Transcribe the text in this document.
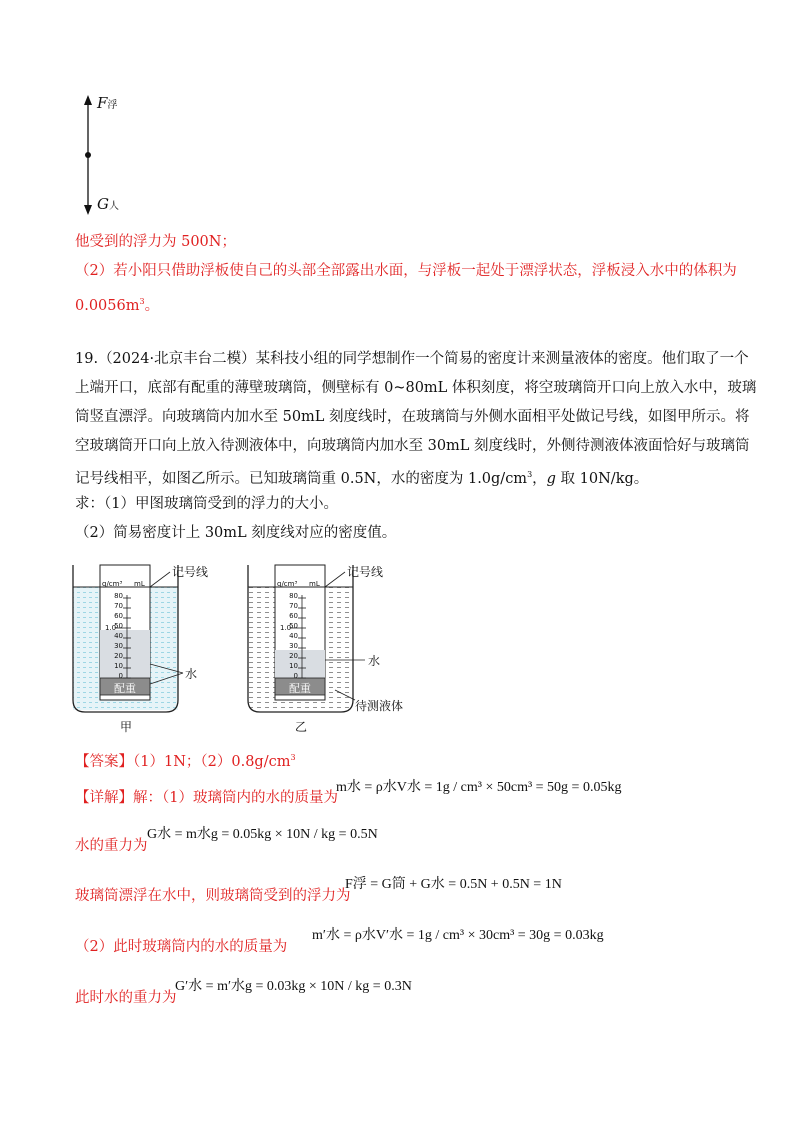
F浮
G人
他受到的浮力为 500N；
（2）若小阳只借助浮板使自己的头部全部露出水面，与浮板一起处于漂浮状态，浮板浸入水中的体积为
$0.0056m^3$。
19.（2024·北京丰台二模）某科技小组的同学想制作一个简易的密度计来测量液体的密度。他们取了一个
上端开口，底部有配重的薄壁玻璃筒，侧壁标有 0~80mL 体积刻度，将空玻璃筒开口向上放入水中，玻璃
筒竖直漂浮。向玻璃筒内加水至 50mL 刻度线时，在玻璃筒与外侧水面相平处做记号线，如图甲所示。将
空玻璃筒开口向上放入待测液体中，向玻璃筒内加水至 30mL 刻度线时，外侧待测液体液面恰好与玻璃筒
记号线相平，如图乙所示。已知玻璃筒重 0.5N，水的密度为 $1.0g/cm^3$，g 取 10N/kg。
求：（1）甲图玻璃筒受到的浮力的大小。
（2）简易密度计上 30mL 刻度线对应的密度值。
g/cm³ mL
1.0
记号线
水
配重
甲
g/cm³ mL
1.0
记号线
水
配重
待测液体
乙
80
70
60
50
40
30
20
10
0
80
70
60
50
40
30
20
10
0
【答案】（1）1N；$(2)0.8g/cm^3$
【详解】解：（1）玻璃筒内的水的质量为
m水 = ρ水V水 = 1g / cm³ × 50cm³ = 50g = 0.05kg
水的重力为
G水 = m水g = 0.05kg × 10N / kg = 0.5N
玻璃筒漂浮在水中，则玻璃筒受到的浮力为
F浮 = G筒 + G水 = 0.5N + 0.5N = 1N
（2）此时玻璃筒内的水的质量为
m′水 = ρ水V′水 = 1g / cm³ × 30cm³ = 30g = 0.03kg
此时水的重力为
G′水 = m′水g = 0.03kg × 10N / kg = 0.3N
